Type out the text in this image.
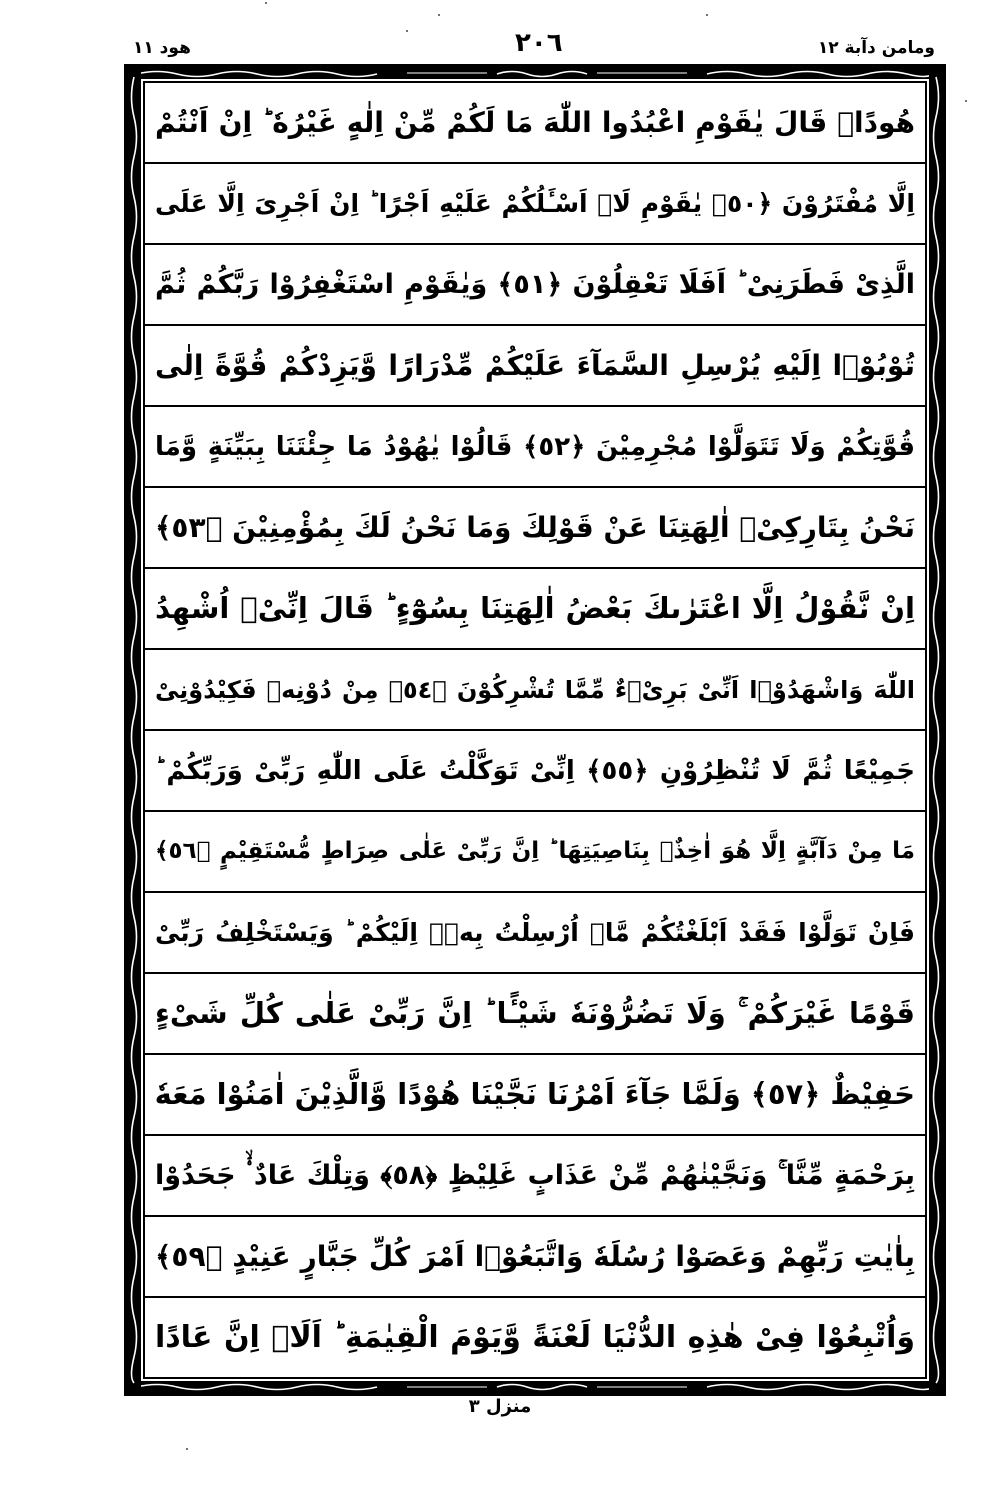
هود ١١	٢٠٦	ومامن دآبة ١٢
هُودًاۘ قَالَ يٰقَوْمِ اعْبُدُوا اللّٰهَ مَا لَكُمْ مِّنْ اِلٰهٍ غَيْرُهٗ ؕ اِنْ اَنْتُمْ
اِلَّا مُفْتَرُوْنَ ﴿٥٠﴾ يٰقَوْمِ لَاۤ اَسْـَٔلُكُمْ عَلَيْهِ اَجْرًا ؕ اِنْ اَجْرِىَ اِلَّا عَلَى
الَّذِىْ فَطَرَنِىْ ؕ اَفَلَا تَعْقِلُوْنَ ﴿٥١﴾ وَيٰقَوْمِ اسْتَغْفِرُوْا رَبَّكُمْ ثُمَّ
تُوْبُوْۤا اِلَيْهِ يُرْسِلِ السَّمَآءَ عَلَيْكُمْ مِّدْرَارًا وَّيَزِدْكُمْ قُوَّةً اِلٰى
قُوَّتِكُمْ وَلَا تَتَوَلَّوْا مُجْرِمِيْنَ ﴿٥٢﴾ قَالُوْا يٰهُوْدُ مَا جِئْتَنَا بِبَيِّنَةٍ وَّمَا
نَحْنُ بِتَارِكِىْۤ اٰلِهَتِنَا عَنْ قَوْلِكَ وَمَا نَحْنُ لَكَ بِمُؤْمِنِيْنَ ﴿٥٣﴾
اِنْ نَّقُوْلُ اِلَّا اعْتَرٰىكَ بَعْضُ اٰلِهَتِنَا بِسُوْٓءٍ ؕ قَالَ اِنِّىْۤ اُشْهِدُ
اللّٰهَ وَاشْهَدُوْۤا اَنِّىْ بَرِىْۤءٌ مِّمَّا تُشْرِكُوْنَ ﴿٥٤﴾ مِنْ دُوْنِهٖ فَكِيْدُوْنِىْ
جَمِيْعًا ثُمَّ لَا تُنْظِرُوْنِ ﴿٥٥﴾ اِنِّىْ تَوَكَّلْتُ عَلَى اللّٰهِ رَبِّىْ وَرَبِّكُمْ ؕ
مَا مِنْ دَآبَّةٍ اِلَّا هُوَ اٰخِذٌۢ بِنَاصِيَتِهَا ؕ اِنَّ رَبِّىْ عَلٰى صِرَاطٍ مُّسْتَقِيْمٍ ﴿٥٦﴾
فَاِنْ تَوَلَّوْا فَقَدْ اَبْلَغْتُكُمْ مَّاۤ اُرْسِلْتُ بِهٖۤ اِلَيْكُمْ ؕ وَيَسْتَخْلِفُ رَبِّىْ
قَوْمًا غَيْرَكُمْ ۚ وَلَا تَضُرُّوْنَهٗ شَيْـًٔا ؕ اِنَّ رَبِّىْ عَلٰى كُلِّ شَىْءٍ
حَفِيْظٌ ﴿٥٧﴾ وَلَمَّا جَآءَ اَمْرُنَا نَجَّيْنَا هُوْدًا وَّالَّذِيْنَ اٰمَنُوْا مَعَهٗ
بِرَحْمَةٍ مِّنَّا ۚ وَنَجَّيْنٰهُمْ مِّنْ عَذَابٍ غَلِيْظٍ ﴿٥٨﴾ وَتِلْكَ عَادٌ ۟ۙ جَحَدُوْا
بِاٰيٰتِ رَبِّهِمْ وَعَصَوْا رُسُلَهٗ وَاتَّبَعُوْۤا اَمْرَ كُلِّ جَبَّارٍ عَنِيْدٍ ﴿٥٩﴾
وَاُتْبِعُوْا فِىْ هٰذِهِ الدُّنْيَا لَعْنَةً وَّيَوْمَ الْقِيٰمَةِ ؕ اَلَاۤ اِنَّ عَادًا
منزل ٣
